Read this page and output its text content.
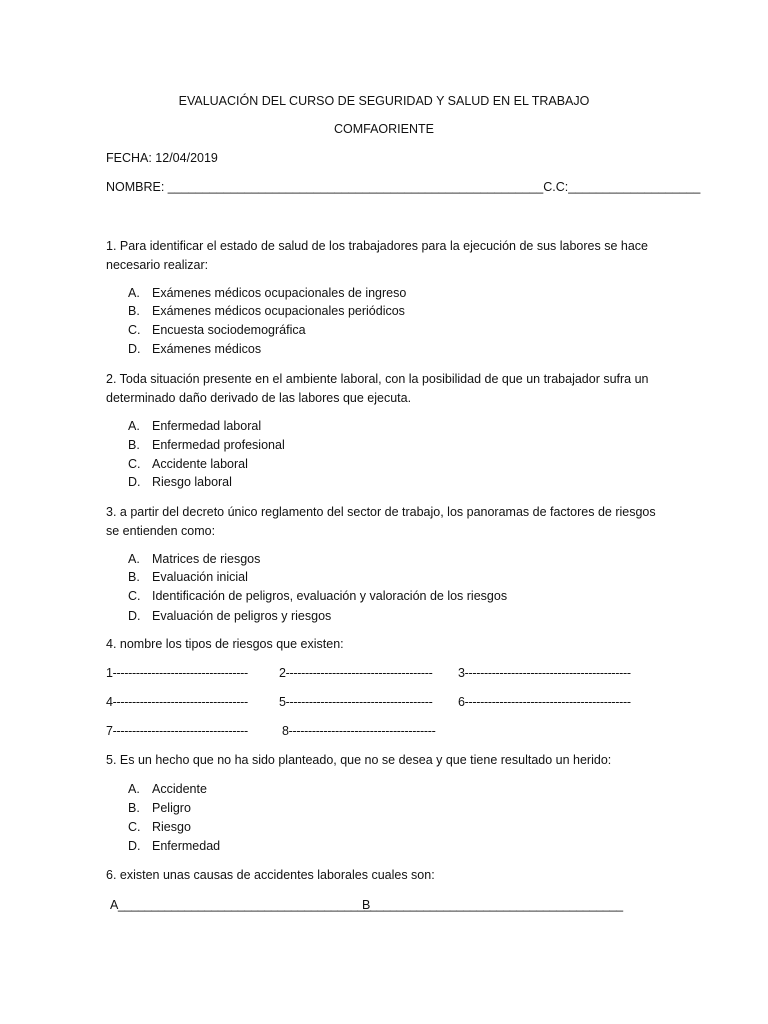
EVALUACIÓN DEL CURSO DE SEGURIDAD Y SALUD EN EL TRABAJO
COMFAORIENTE
FECHA: 12/04/2019
NOMBRE: ______________________________________________________C.C:___________________
1. Para identificar el estado de salud de los trabajadores para la ejecución de sus labores se hace necesario realizar:
A. Exámenes médicos ocupacionales de ingreso
B. Exámenes médicos ocupacionales periódicos
C. Encuesta sociodemográfica
D. Exámenes médicos
2. Toda situación presente en el ambiente laboral, con la posibilidad de que un trabajador sufra un determinado daño derivado de las labores que ejecuta.
A. Enfermedad laboral
B. Enfermedad profesional
C. Accidente laboral
D. Riesgo laboral
3. a partir del decreto único reglamento del sector de trabajo, los panoramas de factores de riesgos se entienden como:
A. Matrices de riesgos
B. Evaluación inicial
C. Identificación de peligros, evaluación y valoración de los riesgos
D. Evaluación de peligros y riesgos
4. nombre los tipos de riesgos que existen:
1----------------------------------- 2-------------------------------------- 3-------------------------------------------
4----------------------------------- 5-------------------------------------- 6-------------------------------------------
7-----------------------------------	8--------------------------------------
5. Es un hecho que no ha sido planteado, que no se desea y que tiene resultado un herido:
A. Accidente
B. Peligro
C. Riesgo
D. Enfermedad
6. existen unas causas de accidentes laborales cuales son:
A______________________________________
B______________________________________
